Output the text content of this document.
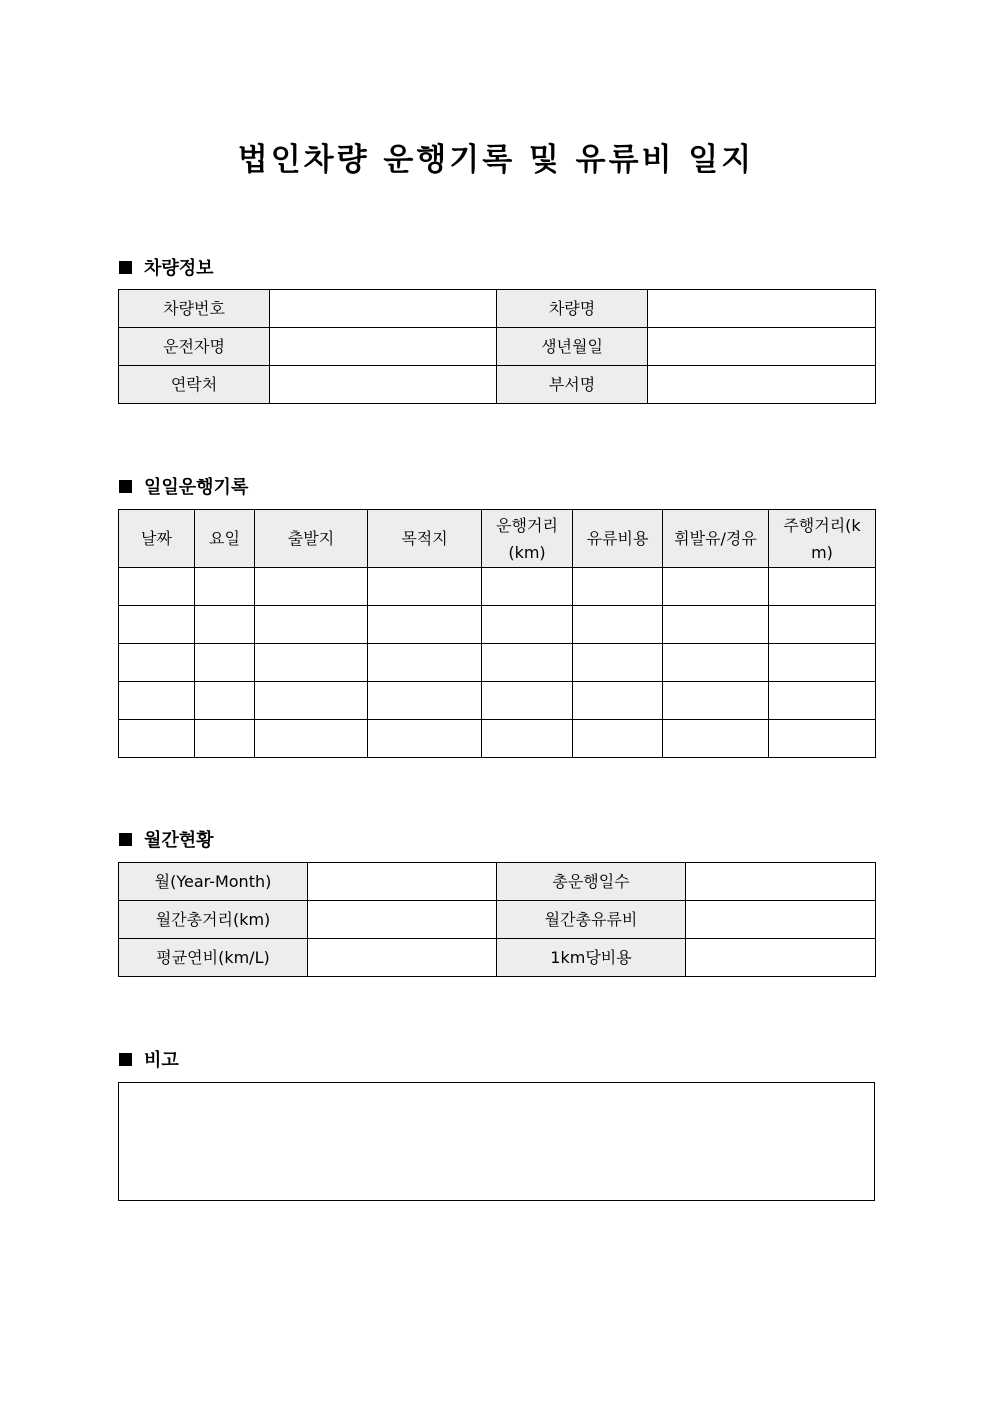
법인차량 운행기록 및 유류비 일지
차량정보
차량번호		차량명	
운전자명		생년월일	
연락처		부서명	
일일운행기록
날짜	요일	출발지	목적지	운행거리(km)	유류비용	휘발유/경유	주행거리(km)

월간현황
월(Year-Month)		총운행일수	
월간총거리(km)		월간총유류비	
평균연비(km/L)		1km당비용	
비고
